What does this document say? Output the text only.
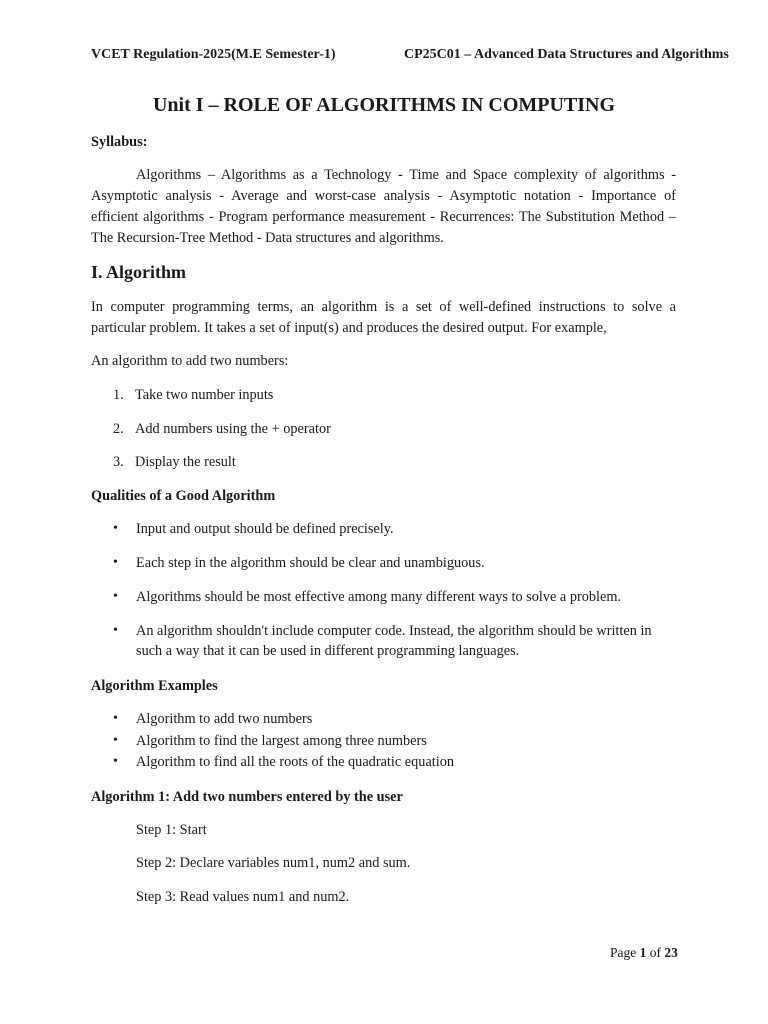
VCET Regulation-2025(M.E Semester-1)	CP25C01 – Advanced Data Structures and Algorithms
Unit I – ROLE OF ALGORITHMS IN COMPUTING
Syllabus:
Algorithms – Algorithms as a Technology - Time and Space complexity of algorithms - Asymptotic analysis - Average and worst-case analysis - Asymptotic notation - Importance of efficient algorithms - Program performance measurement - Recurrences: The Substitution Method – The Recursion-Tree Method - Data structures and algorithms.
I. Algorithm
In computer programming terms, an algorithm is a set of well-defined instructions to solve a particular problem. It takes a set of input(s) and produces the desired output. For example,
An algorithm to add two numbers:
1. Take two number inputs
2. Add numbers using the + operator
3. Display the result
Qualities of a Good Algorithm
•	Input and output should be defined precisely.
•	Each step in the algorithm should be clear and unambiguous.
•	Algorithms should be most effective among many different ways to solve a problem.
•	An algorithm shouldn't include computer code. Instead, the algorithm should be written in such a way that it can be used in different programming languages.
Algorithm Examples
•	Algorithm to add two numbers
•	Algorithm to find the largest among three numbers
•	Algorithm to find all the roots of the quadratic equation
Algorithm 1: Add two numbers entered by the user
Step 1: Start
Step 2: Declare variables num1, num2 and sum.
Step 3: Read values num1 and num2.
Page 1 of 23
